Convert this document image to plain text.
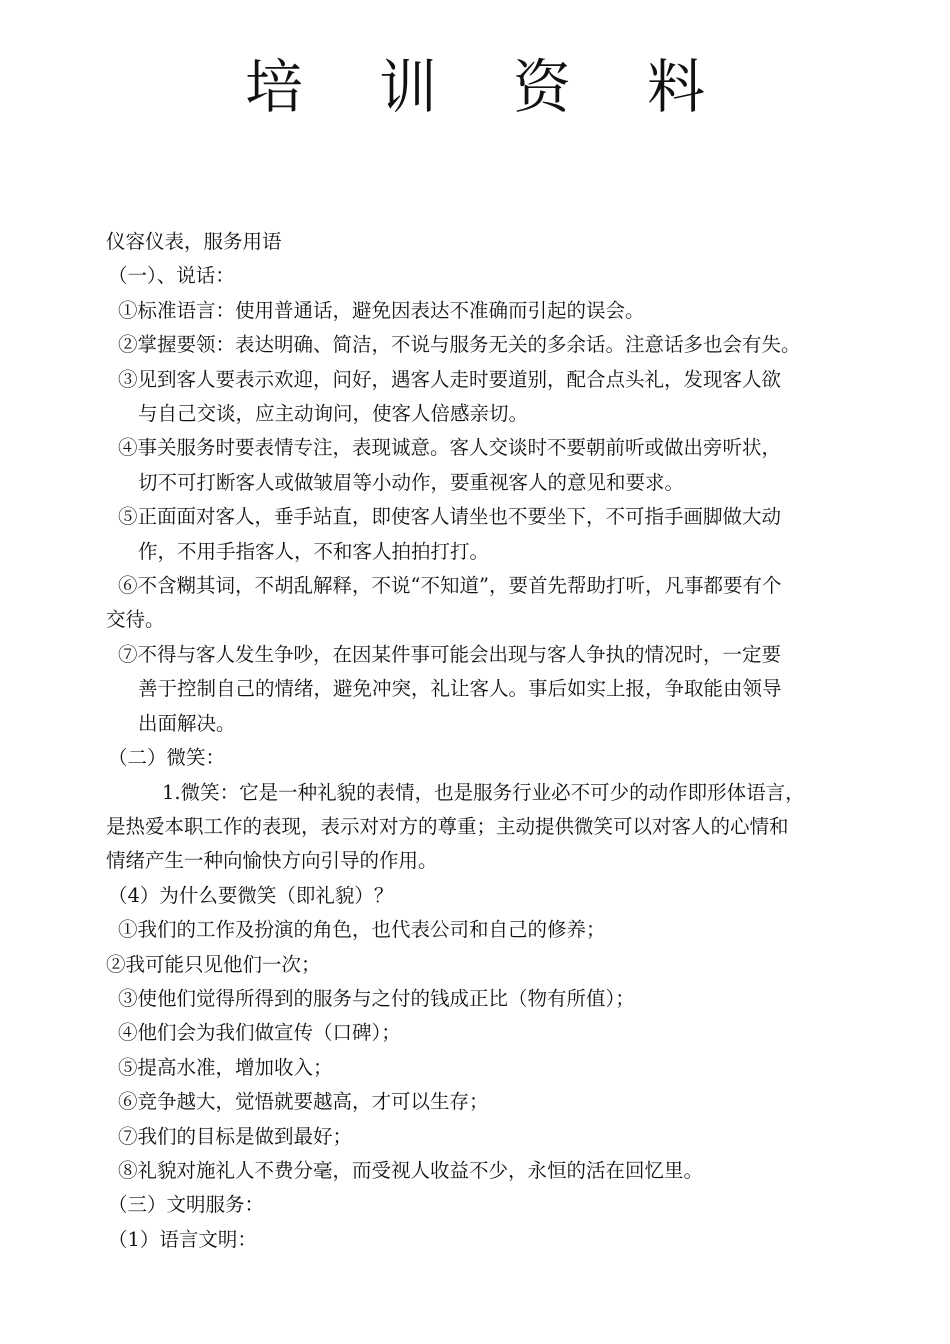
培 训 资 料
仪容仪表，服务用语
（一）、说话：
①标准语言：使用普通话，避免因表达不准确而引起的误会。
②掌握要领：表达明确、简洁，不说与服务无关的多余话。注意话多也会有失。
③见到客人要表示欢迎，问好，遇客人走时要道别，配合点头礼，发现客人欲
与自己交谈，应主动询问，使客人倍感亲切。
④事关服务时要表情专注，表现诚意。客人交谈时不要朝前听或做出旁听状，
切不可打断客人或做皱眉等小动作，要重视客人的意见和要求。
⑤正面面对客人，垂手站直，即使客人请坐也不要坐下，不可指手画脚做大动
作，不用手指客人，不和客人拍拍打打。
⑥不含糊其词，不胡乱解释，不说“不知道”，要首先帮助打听，凡事都要有个
交待。
⑦不得与客人发生争吵，在因某件事可能会出现与客人争执的情况时，一定要
善于控制自己的情绪，避免冲突，礼让客人。事后如实上报，争取能由领导
出面解决。
（二）微笑：
1.微笑：它是一种礼貌的表情，也是服务行业必不可少的动作即形体语言，
是热爱本职工作的表现，表示对对方的尊重；主动提供微笑可以对客人的心情和
情绪产生一种向愉快方向引导的作用。
（4）为什么要微笑（即礼貌）？
①我们的工作及扮演的角色，也代表公司和自己的修养；
②我可能只见他们一次；
③使他们觉得所得到的服务与之付的钱成正比（物有所值）；
④他们会为我们做宣传（口碑）；
⑤提高水准，增加收入；
⑥竞争越大，觉悟就要越高，才可以生存；
⑦我们的目标是做到最好；
⑧礼貌对施礼人不费分毫，而受视人收益不少，永恒的活在回忆里。
（三）文明服务：
（1）语言文明：
